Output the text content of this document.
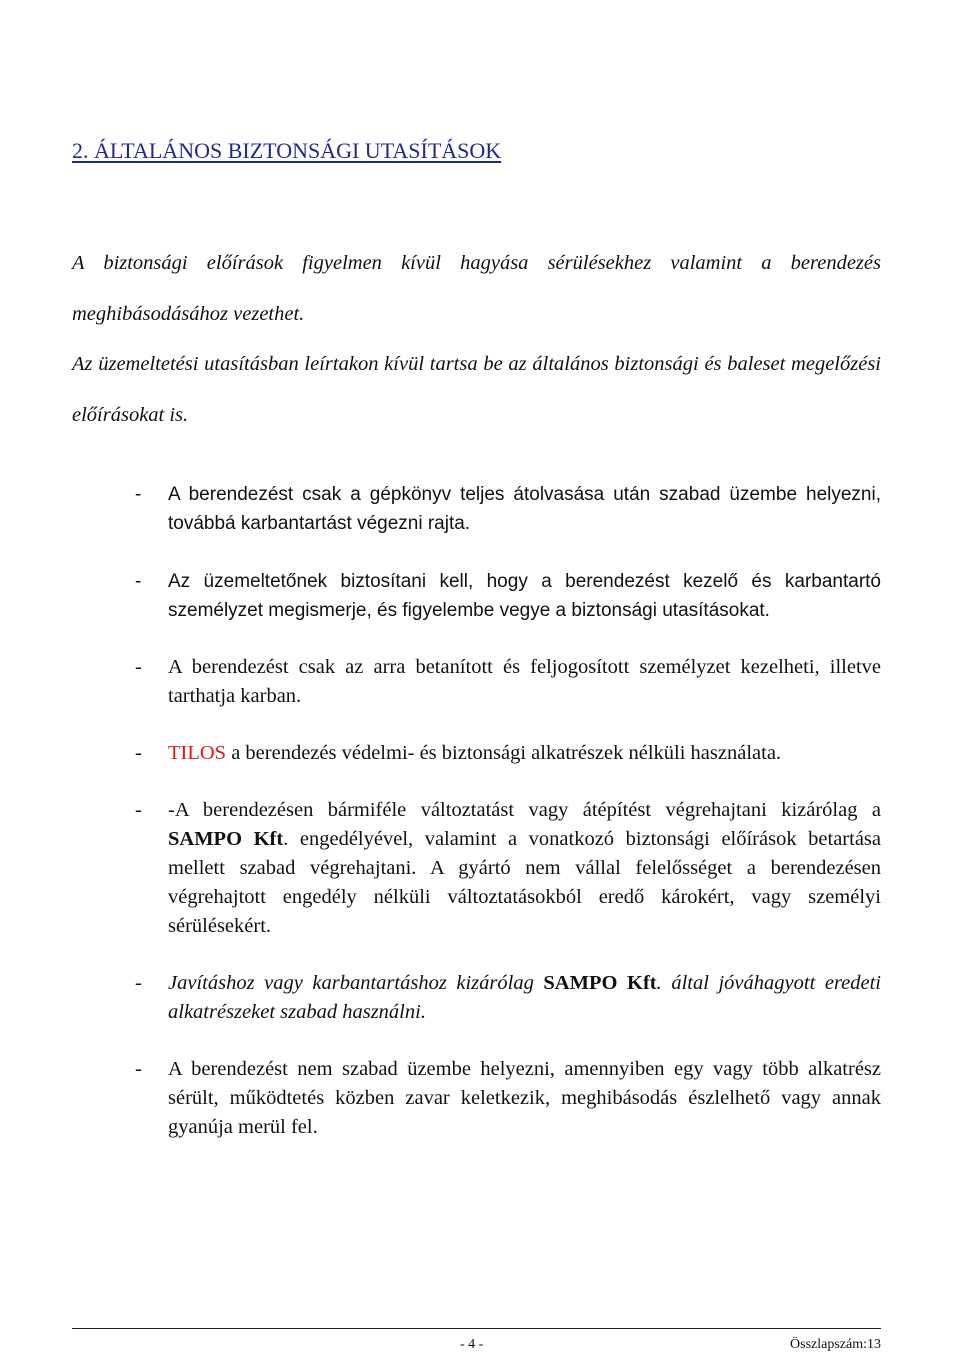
2. ÁLTALÁNOS BIZTONSÁGI UTASÍTÁSOK

A biztonsági előírások figyelmen kívül hagyása sérülésekhez valamint a berendezés meghibásodásához vezethet.

Az üzemeltetési utasításban leírtakon kívül tartsa be az általános biztonsági és baleset megelőzési előírásokat is.

- A berendezést csak a gépkönyv teljes átolvasása után szabad üzembe helyezni, továbbá karbantartást végezni rajta.
- Az üzemeltetőnek biztosítani kell, hogy a berendezést kezelő és karbantartó személyzet megismerje, és figyelembe vegye a biztonsági utasításokat.
- A berendezést csak az arra betanított és feljogosított személyzet kezelheti, illetve tarthatja karban.
- TILOS a berendezés védelmi- és biztonsági alkatrészek nélküli használata.
- -A berendezésen bármiféle változtatást vagy átépítést végrehajtani kizárólag a SAMPO Kft. engedélyével, valamint a vonatkozó biztonsági előírások betartása mellett szabad végrehajtani. A gyártó nem vállal felelősséget a berendezésen végrehajtott engedély nélküli változtatásokból eredő károkért, vagy személyi sérülésekért.
- Javításhoz vagy karbantartáshoz kizárólag SAMPO Kft. által jóváhagyott eredeti alkatrészeket szabad használni.
- A berendezést nem szabad üzembe helyezni, amennyiben egy vagy több alkatrész sérült, működtetés közben zavar keletkezik, meghibásodás észlelhető vagy annak gyanúja merül fel.
- 4 -	Összlapszám:13
